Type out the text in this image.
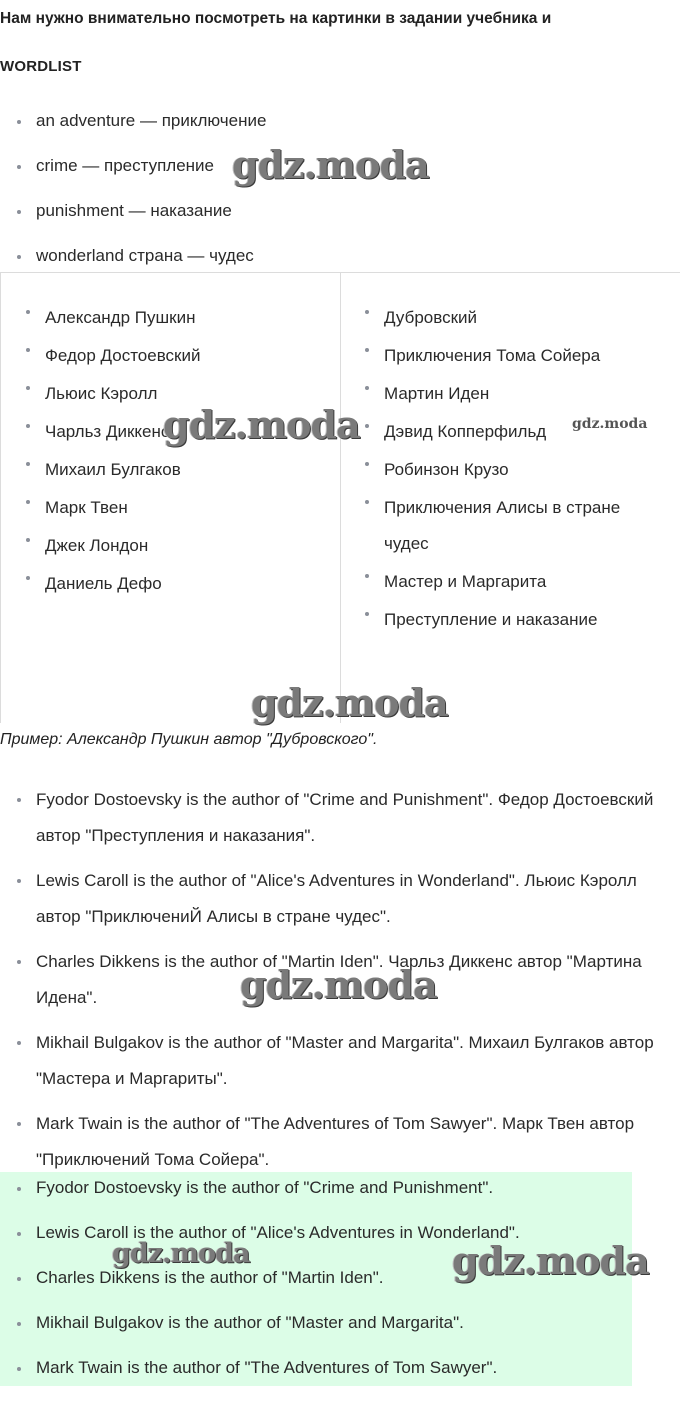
Нам нужно внимательно посмотреть на картинки в задании учебника и
WORDLIST
an adventure — приключение
crime — преступление
punishment — наказание
wonderland страна — чудес
Александр Пушкин
Федор Достоевский
Льюис Кэролл
Чарльз Диккенс
Михаил Булгаков
Марк Твен
Джек Лондон
Даниель Дефо
Дубровский
Приключения Тома Сойера
Мартин Иден
Дэвид Копперфильд
Робинзон Крузо
Приключения Алисы в стране чудес
Мастер и Маргарита
Преступление и наказание
Пример: Александр Пушкин автор "Дубровского".
Fyodor Dostoevsky is the author of "Crime and Punishment". Федор Достоевский автор "Преступления и наказания".
Lewis Caroll is the author of "Alice's Adventures in Wonderland". Льюис Кэролл автор "ПриключениЙ Алисы в стране чудес".
Charles Dikkens is the author of "Martin Iden". Чарльз Диккенс автор "Мартина Идена".
Mikhail Bulgakov is the author of "Master and Margarita". Михаил Булгаков автор "Мастера и Маргариты".
Mark Twain is the author of "The Adventures of Tom Sawyer". Марк Твен автор "Приключений Тома Сойера".
Fyodor Dostoevsky is the author of "Crime and Punishment".
Lewis Caroll is the author of "Alice's Adventures in Wonderland".
Charles Dikkens is the author of "Martin Iden".
Mikhail Bulgakov is the author of "Master and Margarita".
Mark Twain is the author of "The Adventures of Tom Sawyer".
gdz.moda
gdz.moda	gdz.moda
gdz.moda
gdz.moda
gdz.moda	gdz.moda
